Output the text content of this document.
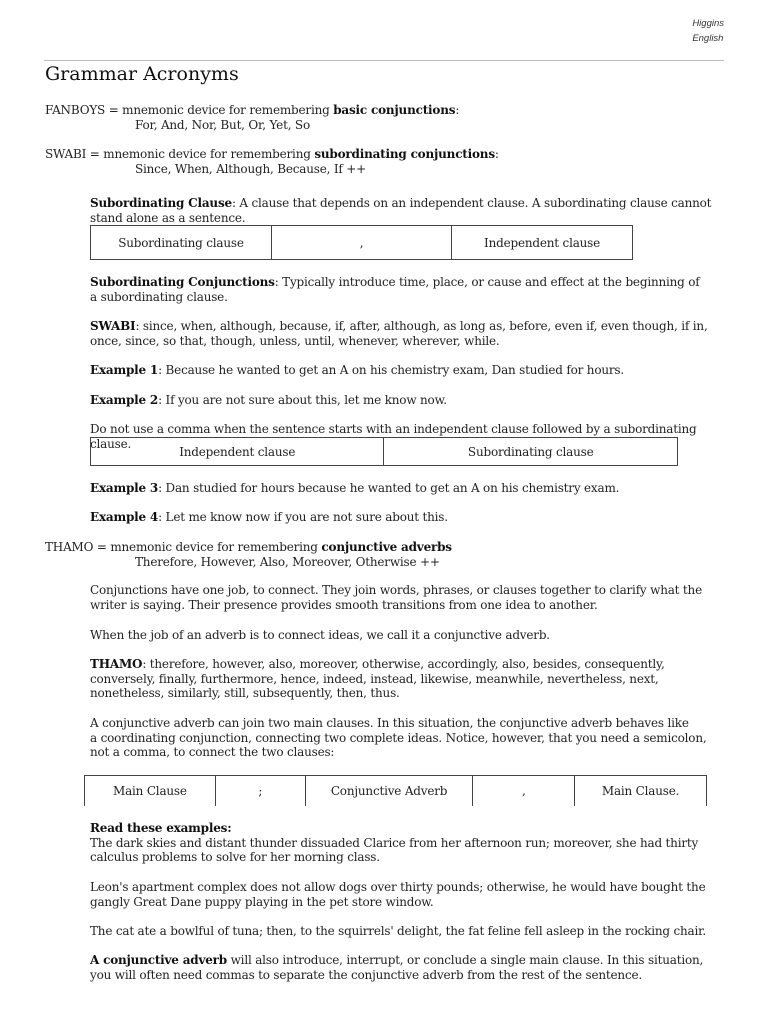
Higgins
English
Grammar Acronyms
FANBOYS = mnemonic device for remembering basic conjunctions:
For, And, Nor, But, Or, Yet, So
SWABI = mnemonic device for remembering subordinating conjunctions:
Since, When, Although, Because, If ++
Subordinating Clause: A clause that depends on an independent clause. A subordinating clause cannot stand alone as a sentence.
Subordinating clause	,	Independent clause
Subordinating Conjunctions: Typically introduce time, place, or cause and effect at the beginning of a subordinating clause.
SWABI: since, when, although, because, if, after, although, as long as, before, even if, even though, if in, once, since, so that, though, unless, until, whenever, wherever, while.
Example 1: Because he wanted to get an A on his chemistry exam, Dan studied for hours.
Example 2: If you are not sure about this, let me know now.
Do not use a comma when the sentence starts with an independent clause followed by a subordinating clause.
Independent clause	Subordinating clause
Example 3: Dan studied for hours because he wanted to get an A on his chemistry exam.
Example 4: Let me know now if you are not sure about this.
THAMO = mnemonic device for remembering conjunctive adverbs
Therefore, However, Also, Moreover, Otherwise ++
Conjunctions have one job, to connect. They join words, phrases, or clauses together to clarify what the writer is saying. Their presence provides smooth transitions from one idea to another.
When the job of an adverb is to connect ideas, we call it a conjunctive adverb.
THAMO: therefore, however, also, moreover, otherwise, accordingly, also, besides, consequently, conversely, finally, furthermore, hence, indeed, instead, likewise, meanwhile, nevertheless, next, nonetheless, similarly, still, subsequently, then, thus.
A conjunctive adverb can join two main clauses. In this situation, the conjunctive adverb behaves like
a coordinating conjunction, connecting two complete ideas. Notice, however, that you need a semicolon, not a comma, to connect the two clauses:
Main Clause	;	Conjunctive Adverb	,	Main Clause.
Read these examples:
The dark skies and distant thunder dissuaded Clarice from her afternoon run; moreover, she had thirty calculus problems to solve for her morning class.
Leon's apartment complex does not allow dogs over thirty pounds; otherwise, he would have bought the gangly Great Dane puppy playing in the pet store window.
The cat ate a bowlful of tuna; then, to the squirrels' delight, the fat feline fell asleep in the rocking chair.
A conjunctive adverb will also introduce, interrupt, or conclude a single main clause. In this situation, you will often need commas to separate the conjunctive adverb from the rest of the sentence.
